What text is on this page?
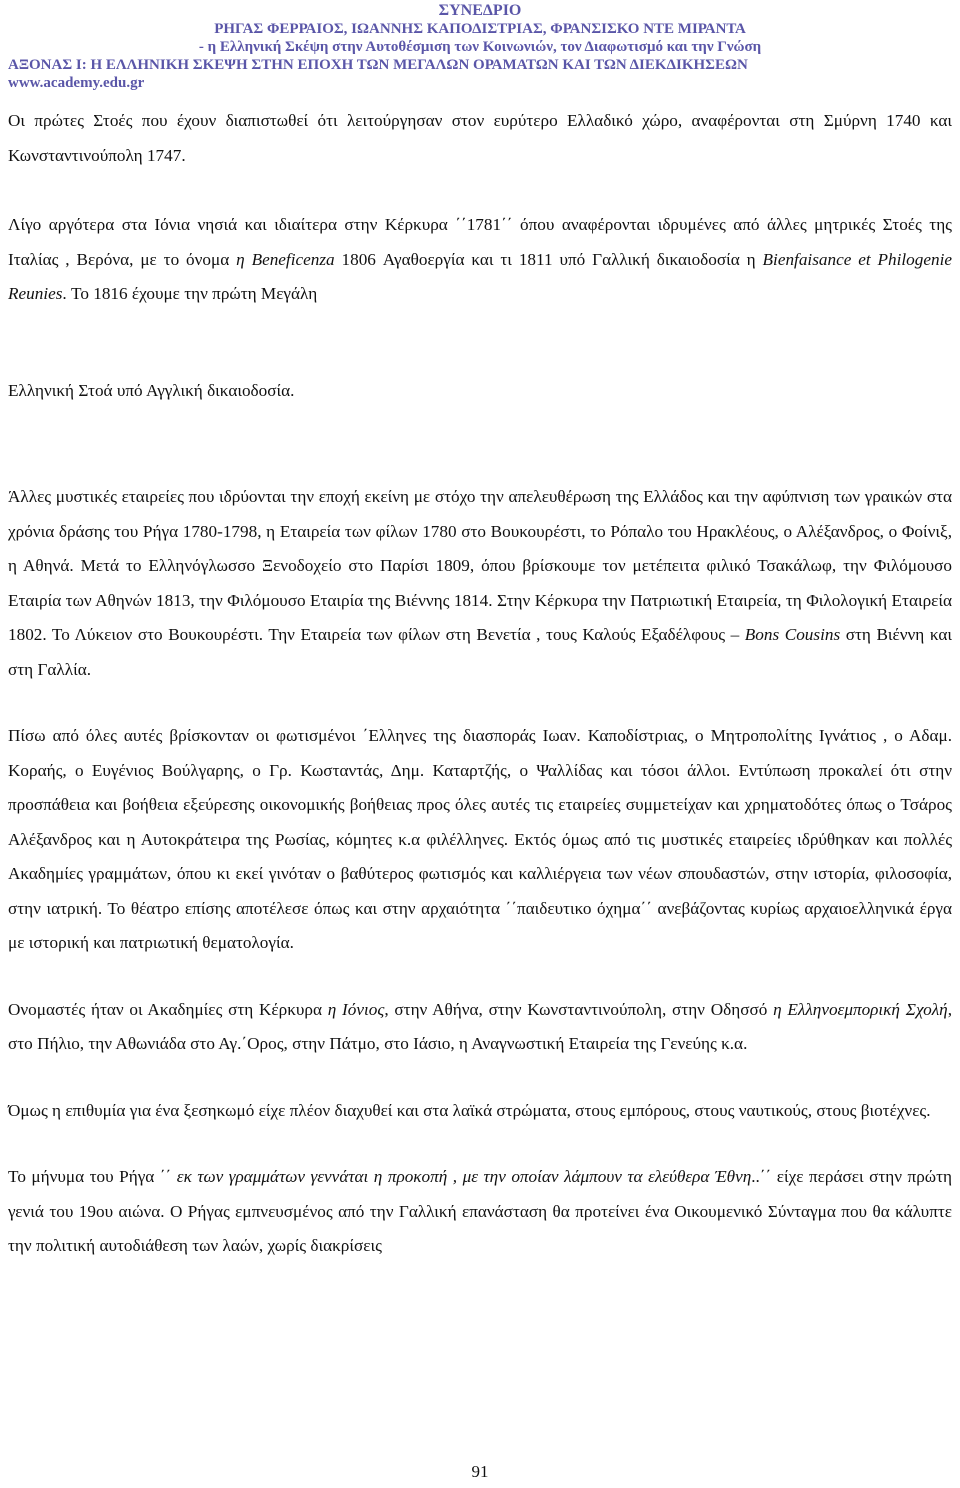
ΣΥΝΕΔΡΙΟ
ΡΗΓΑΣ ΦΕΡΡΑΙΟΣ, ΙΩΑΝΝΗΣ ΚΑΠΟΔΙΣΤΡΙΑΣ, ΦΡΑΝΣΙΣΚΟ ΝΤΕ ΜΙΡΑΝΤΑ
- η Ελληνική Σκέψη στην Αυτοθέσμιση των Κοινωνιών, τον Διαφωτισμό και την Γνώση
ΑΞΟΝΑΣ Ι: Η ΕΛΛΗΝΙΚΗ ΣΚΕΨΗ ΣΤΗΝ ΕΠΟΧΗ ΤΩΝ ΜΕΓΑΛΩΝ ΟΡΑΜΑΤΩΝ ΚΑΙ ΤΩΝ ΔΙΕΚΔΙΚΗΣΕΩΝ
www.academy.edu.gr

Οι πρώτες Στοές που έχουν διαπιστωθεί ότι λειτούργησαν στον ευρύτερο Ελλαδικό χώρο, αναφέρονται στη Σμύρνη 1740 και Κωνσταντινούπολη 1747.

Λίγο αργότερα στα Ιόνια νησιά και ιδιαίτερα στην Κέρκυρα ΄΄1781΄΄ όπου αναφέρονται ιδρυμένες από άλλες μητρικές Στοές της Ιταλίας , Βερόνα, με το όνομα η Beneficenza 1806 Αγαθοεργία και τι 1811 υπό Γαλλική δικαιοδοσία η Bienfaisance et Philogenie Reunies. Το 1816 έχουμε την πρώτη Μεγάλη

Ελληνική Στοά υπό Αγγλική δικαιοδοσία.

Άλλες μυστικές εταιρείες που ιδρύονται την εποχή εκείνη με στόχο την απελευθέρωση της Ελλάδος και την αφύπνιση των γραικών στα χρόνια δράσης του Ρήγα 1780-1798, η Εταιρεία των φίλων 1780 στο Βουκουρέστι, το Ρόπαλο του Ηρακλέους, ο Αλέξανδρος, ο Φοίνιξ, η Αθηνά. Μετά το Ελληνόγλωσσο Ξενοδοχείο στο Παρίσι 1809, όπου βρίσκουμε τον μετέπειτα φιλικό Τσακάλωφ, την Φιλόμουσο Εταιρία των Αθηνών 1813, την Φιλόμουσο Εταιρία της Βιέννης 1814. Στην Κέρκυρα την Πατριωτική Εταιρεία, τη Φιλολογική Εταιρεία 1802. Το Λύκειον στο Βουκουρέστι. Την Εταιρεία των φίλων στη Βενετία , τους Καλούς Εξαδέλφους – Bons Cousins στη Βιέννη και στη Γαλλία.

Πίσω από όλες αυτές βρίσκονταν οι φωτισμένοι ΄Ελληνες της διασποράς Ιωαν. Καποδίστριας, ο Μητροπολίτης Ιγνάτιος , ο Αδαμ. Κοραής, ο Ευγένιος Βούλγαρης, ο Γρ. Κωσταντάς, Δημ. Καταρτζής, ο Ψαλλίδας και τόσοι άλλοι. Εντύπωση προκαλεί ότι στην προσπάθεια και βοήθεια εξεύρεσης οικονομικής βοήθειας προς όλες αυτές τις εταιρείες συμμετείχαν και χρηματοδότες όπως ο Τσάρος Αλέξανδρος και η Αυτοκράτειρα της Ρωσίας, κόμητες κ.α φιλέλληνες. Εκτός όμως από τις μυστικές εταιρείες ιδρύθηκαν και πολλές Ακαδημίες γραμμάτων, όπου κι εκεί γινόταν ο βαθύτερος φωτισμός και καλλιέργεια των νέων σπουδαστών, στην ιστορία, φιλοσοφία, στην ιατρική. Το θέατρο επίσης αποτέλεσε όπως και στην αρχαιότητα ΄΄παιδευτικο όχημα΄΄ ανεβάζοντας κυρίως αρχαιοελληνικά έργα με ιστορική και πατριωτική θεματολογία.

Ονομαστές ήταν οι Ακαδημίες στη Κέρκυρα η Ιόνιος, στην Αθήνα, στην Κωνσταντινούπολη, στην Οδησσό η Ελληνοεμπορική Σχολή, στο Πήλιο, την Αθωνιάδα στο Αγ.΄Ορος, στην Πάτμο, στο Ιάσιο, η Αναγνωστική Εταιρεία της Γενεύης κ.α.

Όμως η επιθυμία για ένα ξεσηκωμό είχε πλέον διαχυθεί και στα λαϊκά στρώματα, στους εμπόρους, στους ναυτικούς, στους βιοτέχνες.

Το μήνυμα του Ρήγα ΄΄ εκ των γραμμάτων γεννάται η προκοπή , με την οποίαν λάμπουν τα ελεύθερα Έθνη..΄΄ είχε περάσει στην πρώτη γενιά του 19ου αιώνα. Ο Ρήγας εμπνευσμένος από την Γαλλική επανάσταση θα προτείνει ένα Οικουμενικό Σύνταγμα που θα κάλυπτε την πολιτική αυτοδιάθεση των λαών, χωρίς διακρίσεις

91
